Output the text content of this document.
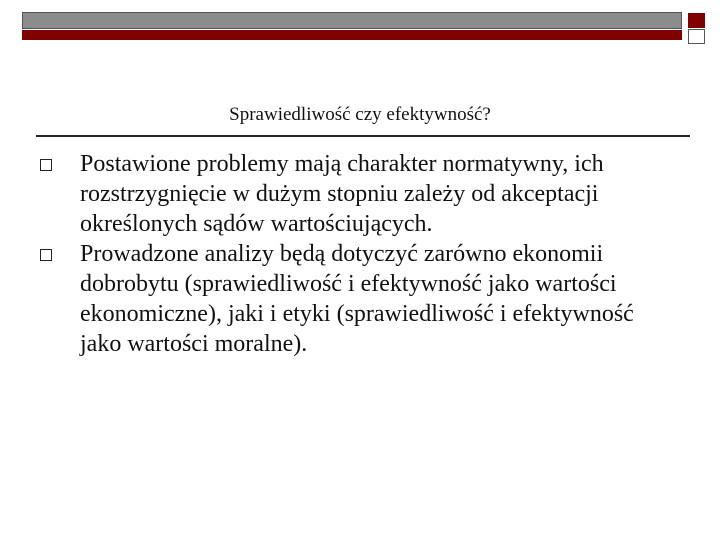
Sprawiedliwość czy efektywność?
Postawione problemy mają charakter normatywny, ich rozstrzygnięcie w dużym stopniu zależy od akceptacji określonych sądów wartościujących.
Prowadzone analizy będą dotyczyć zarówno ekonomii dobrobytu (sprawiedliwość i efektywność jako wartości ekonomiczne), jaki i etyki (sprawiedliwość i efektywność jako wartości moralne).
